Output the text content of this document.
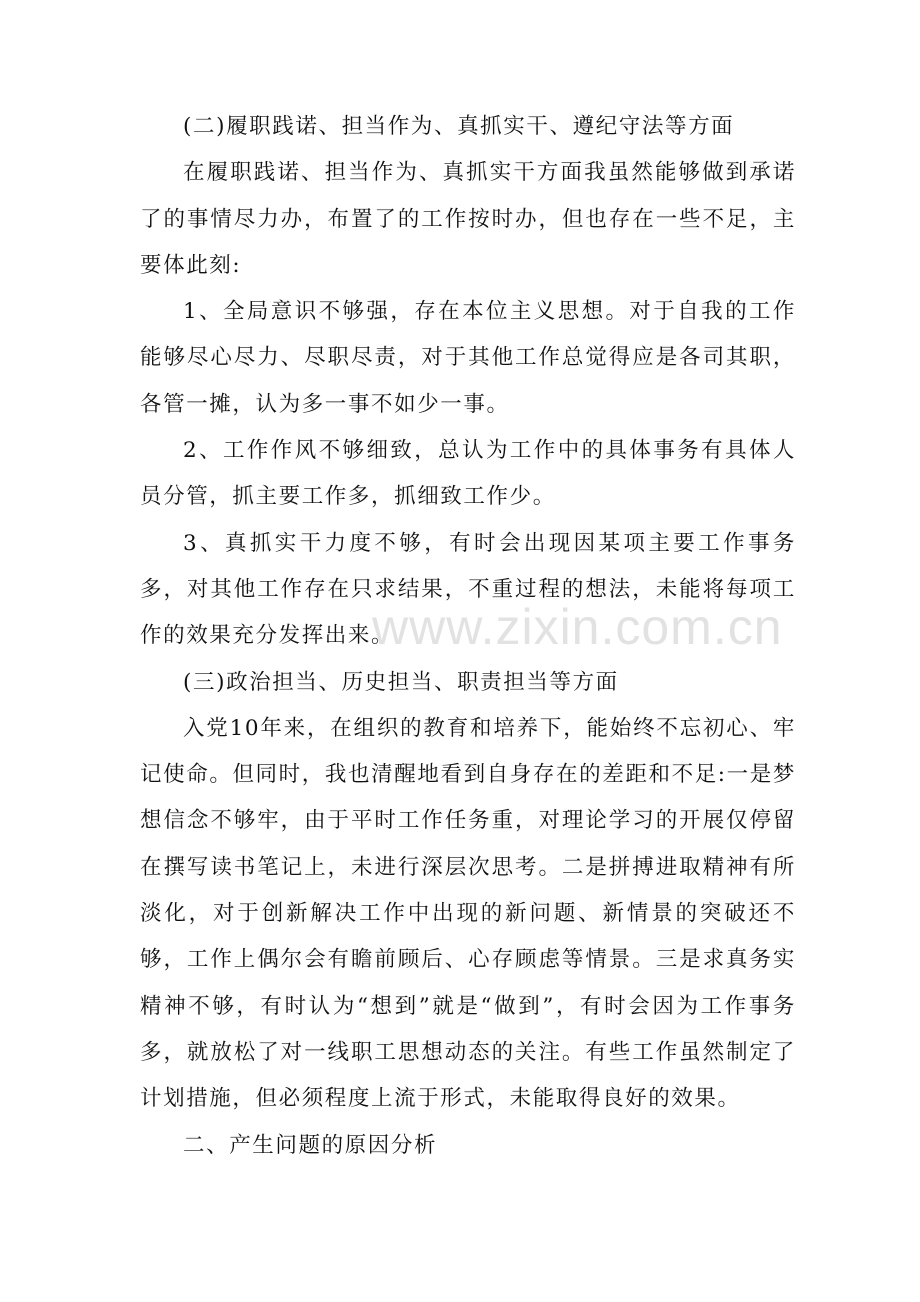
(二)履职践诺、担当作为、真抓实干、遵纪守法等方面

在履职践诺、担当作为、真抓实干方面我虽然能够做到承诺了的事情尽力办，布置了的工作按时办，但也存在一些不足，主要体此刻:

1、全局意识不够强，存在本位主义思想。对于自我的工作能够尽心尽力、尽职尽责，对于其他工作总觉得应是各司其职，各管一摊，认为多一事不如少一事。

2、工作作风不够细致，总认为工作中的具体事务有具体人员分管，抓主要工作多，抓细致工作少。

3、真抓实干力度不够，有时会出现因某项主要工作事务多，对其他工作存在只求结果，不重过程的想法，未能将每项工作的效果充分发挥出来。

(三)政治担当、历史担当、职责担当等方面

入党10年来，在组织的教育和培养下，能始终不忘初心、牢记使命。但同时，我也清醒地看到自身存在的差距和不足:一是梦想信念不够牢，由于平时工作任务重，对理论学习的开展仅停留在撰写读书笔记上，未进行深层次思考。二是拼搏进取精神有所淡化，对于创新解决工作中出现的新问题、新情景的突破还不够，工作上偶尔会有瞻前顾后、心存顾虑等情景。三是求真务实精神不够，有时认为“想到”就是“做到”，有时会因为工作事务多，就放松了对一线职工思想动态的关注。有些工作虽然制定了计划措施，但必须程度上流于形式，未能取得良好的效果。

二、产生问题的原因分析

www.zixin.com.cn
